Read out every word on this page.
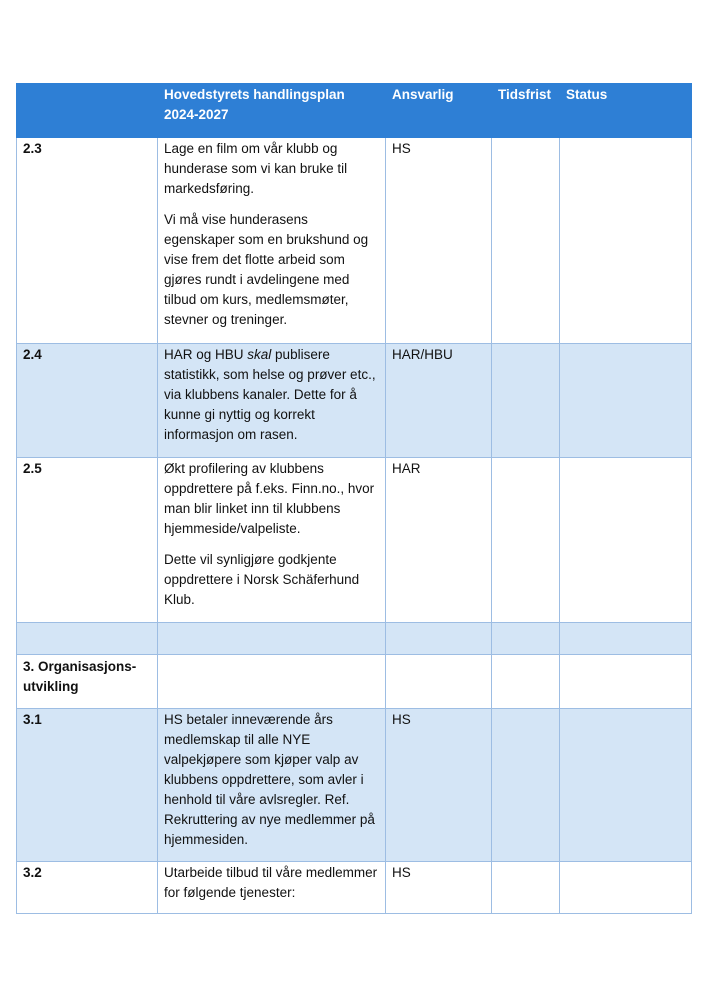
	Hovedstyrets handlingsplan 2024-2027	Ansvarlig	Tidsfrist	Status
2.3	Lage en film om vår klubb og hunderase som vi kan bruke til markedsføring.

Vi må vise hunderasens egenskaper som en brukshund og vise frem det flotte arbeid som gjøres rundt i avdelingene med tilbud om kurs, medlemsmøter, stevner og treninger.	HS		
2.4	HAR og HBU skal publisere statistikk, som helse og prøver etc., via klubbens kanaler. Dette for å kunne gi nyttig og korrekt informasjon om rasen.	HAR/HBU		
2.5	Økt profilering av klubbens oppdrettere på f.eks. Finn.no., hvor man blir linket inn til klubbens hjemmeside/valpeliste.

Dette vil synligjøre godkjente oppdrettere i Norsk Schäferhund Klub.	HAR		

3. Organisasjons-utvikling				
3.1	HS betaler inneværende års medlemskap til alle NYE valpekjøpere som kjøper valp av klubbens oppdrettere, som avler i henhold til våre avlsregler. Ref. Rekruttering av nye medlemmer på hjemmesiden.	HS		
3.2	Utarbeide tilbud til våre medlemmer for følgende tjenester:	HS		
